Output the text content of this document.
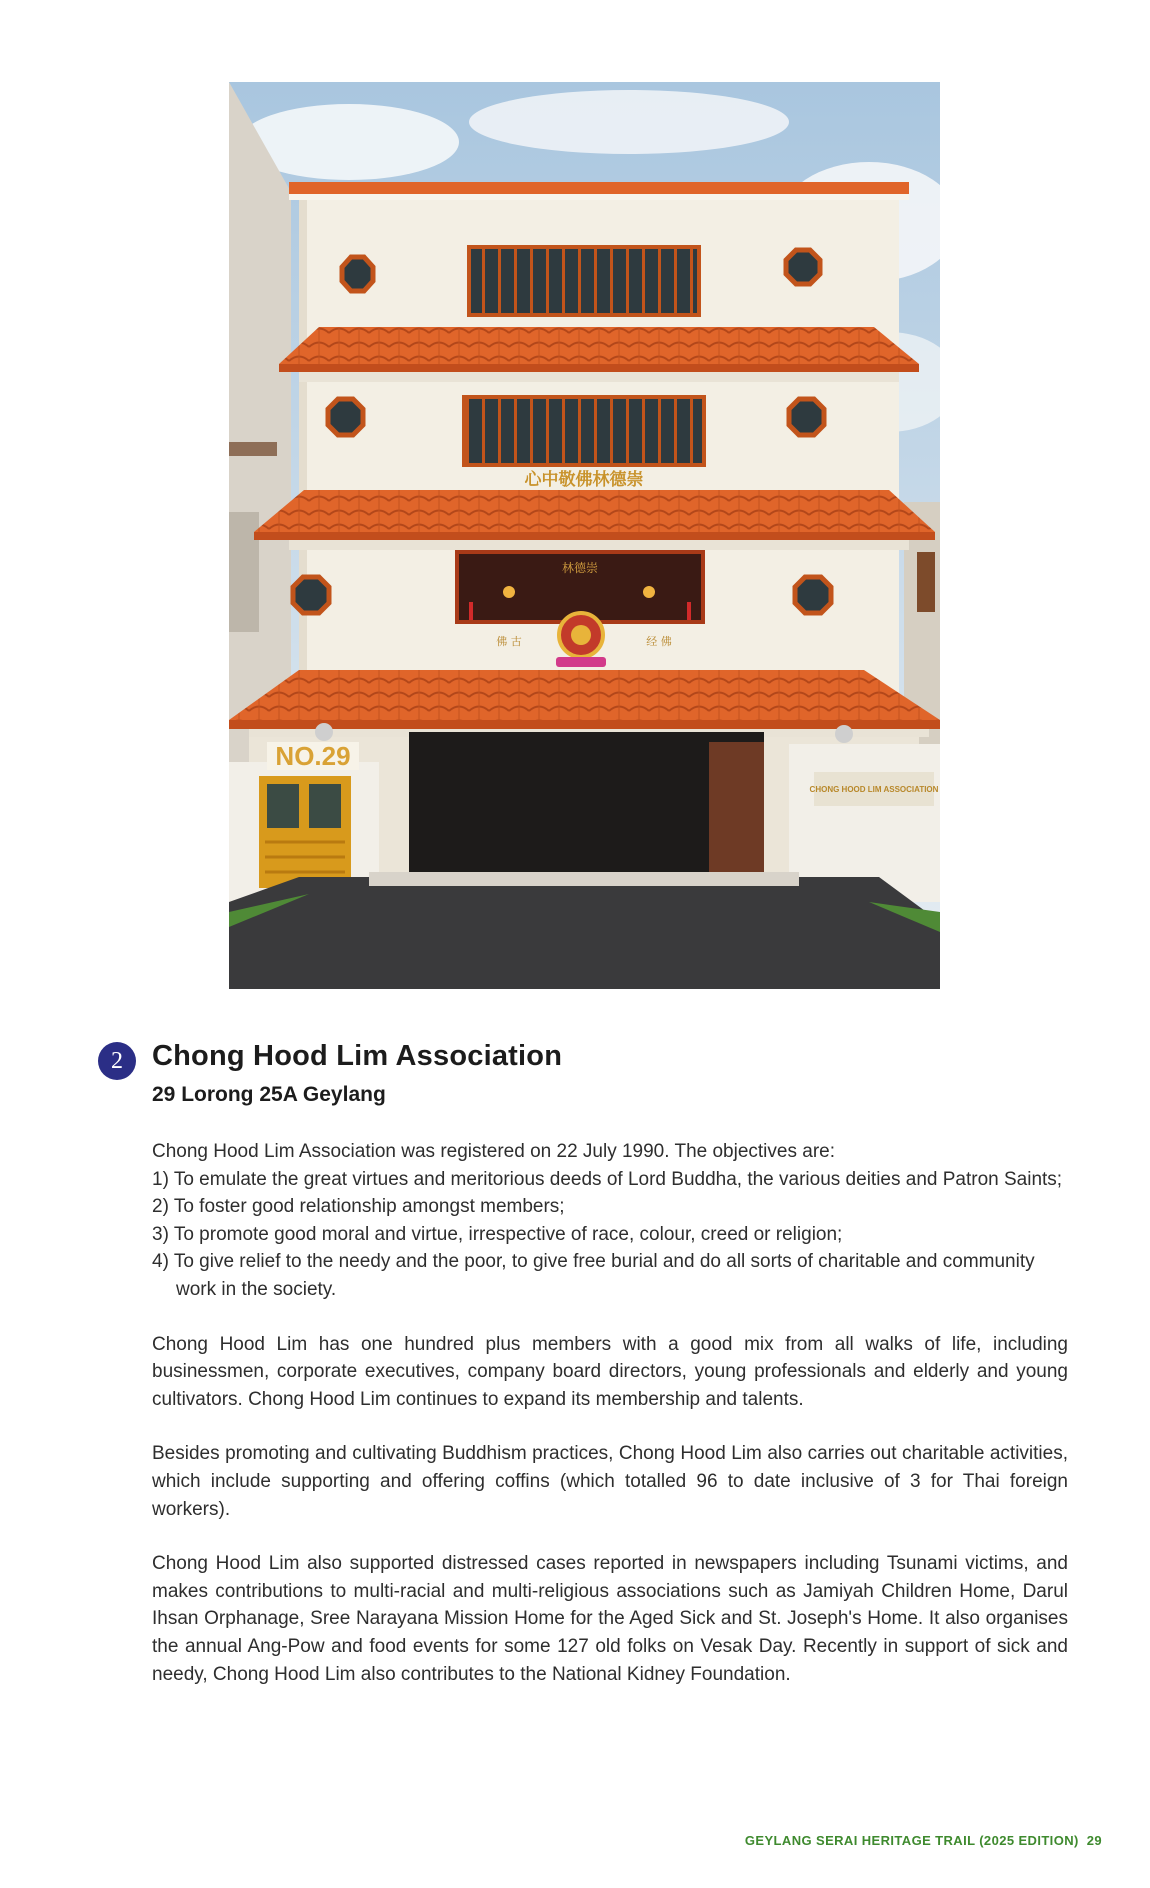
心中敬佛林德崇
林德崇
佛 古	经 佛
NO.29
CHONG HOOD LIM ASSOCIATION
2	Chong Hood Lim Association
29 Lorong 25A Geylang

Chong Hood Lim Association was registered on 22 July 1990. The objectives are:

1) To emulate the great virtues and meritorious deeds of Lord Buddha, the various deities and Patron Saints;
2) To foster good relationship amongst members;
3) To promote good moral and virtue, irrespective of race, colour, creed or religion;
4) To give relief to the needy and the poor, to give free burial and do all sorts of charitable and community work in the society.

Chong Hood Lim has one hundred plus members with a good mix from all walks of life, including businessmen, corporate executives, company board directors, young professionals and elderly and young cultivators. Chong Hood Lim continues to expand its membership and talents.

Besides promoting and cultivating Buddhism practices, Chong Hood Lim also carries out charitable activities, which include supporting and offering coffins (which totalled 96 to date inclusive of 3 for Thai foreign workers).

Chong Hood Lim also supported distressed cases reported in newspapers including Tsunami victims, and makes contributions to multi-racial and multi-religious associations such as Jamiyah Children Home, Darul Ihsan Orphanage, Sree Narayana Mission Home for the Aged Sick and St. Joseph's Home. It also organises the annual Ang-Pow and food events for some 127 old folks on Vesak Day. Recently in support of sick and needy, Chong Hood Lim also contributes to the National Kidney Foundation.

GEYLANG SERAI HERITAGE TRAIL (2025 EDITION) 29
